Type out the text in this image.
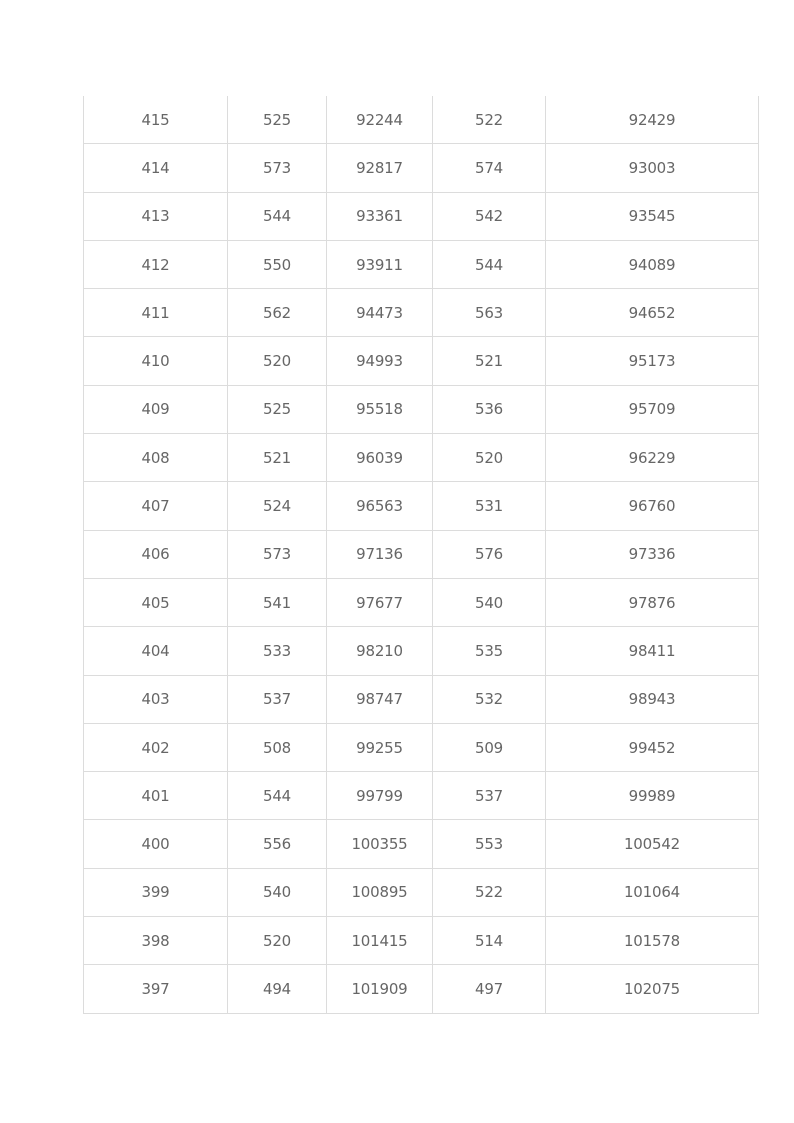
415	525	92244	522	92429
414	573	92817	574	93003
413	544	93361	542	93545
412	550	93911	544	94089
411	562	94473	563	94652
410	520	94993	521	95173
409	525	95518	536	95709
408	521	96039	520	96229
407	524	96563	531	96760
406	573	97136	576	97336
405	541	97677	540	97876
404	533	98210	535	98411
403	537	98747	532	98943
402	508	99255	509	99452
401	544	99799	537	99989
400	556	100355	553	100542
399	540	100895	522	101064
398	520	101415	514	101578
397	494	101909	497	102075
